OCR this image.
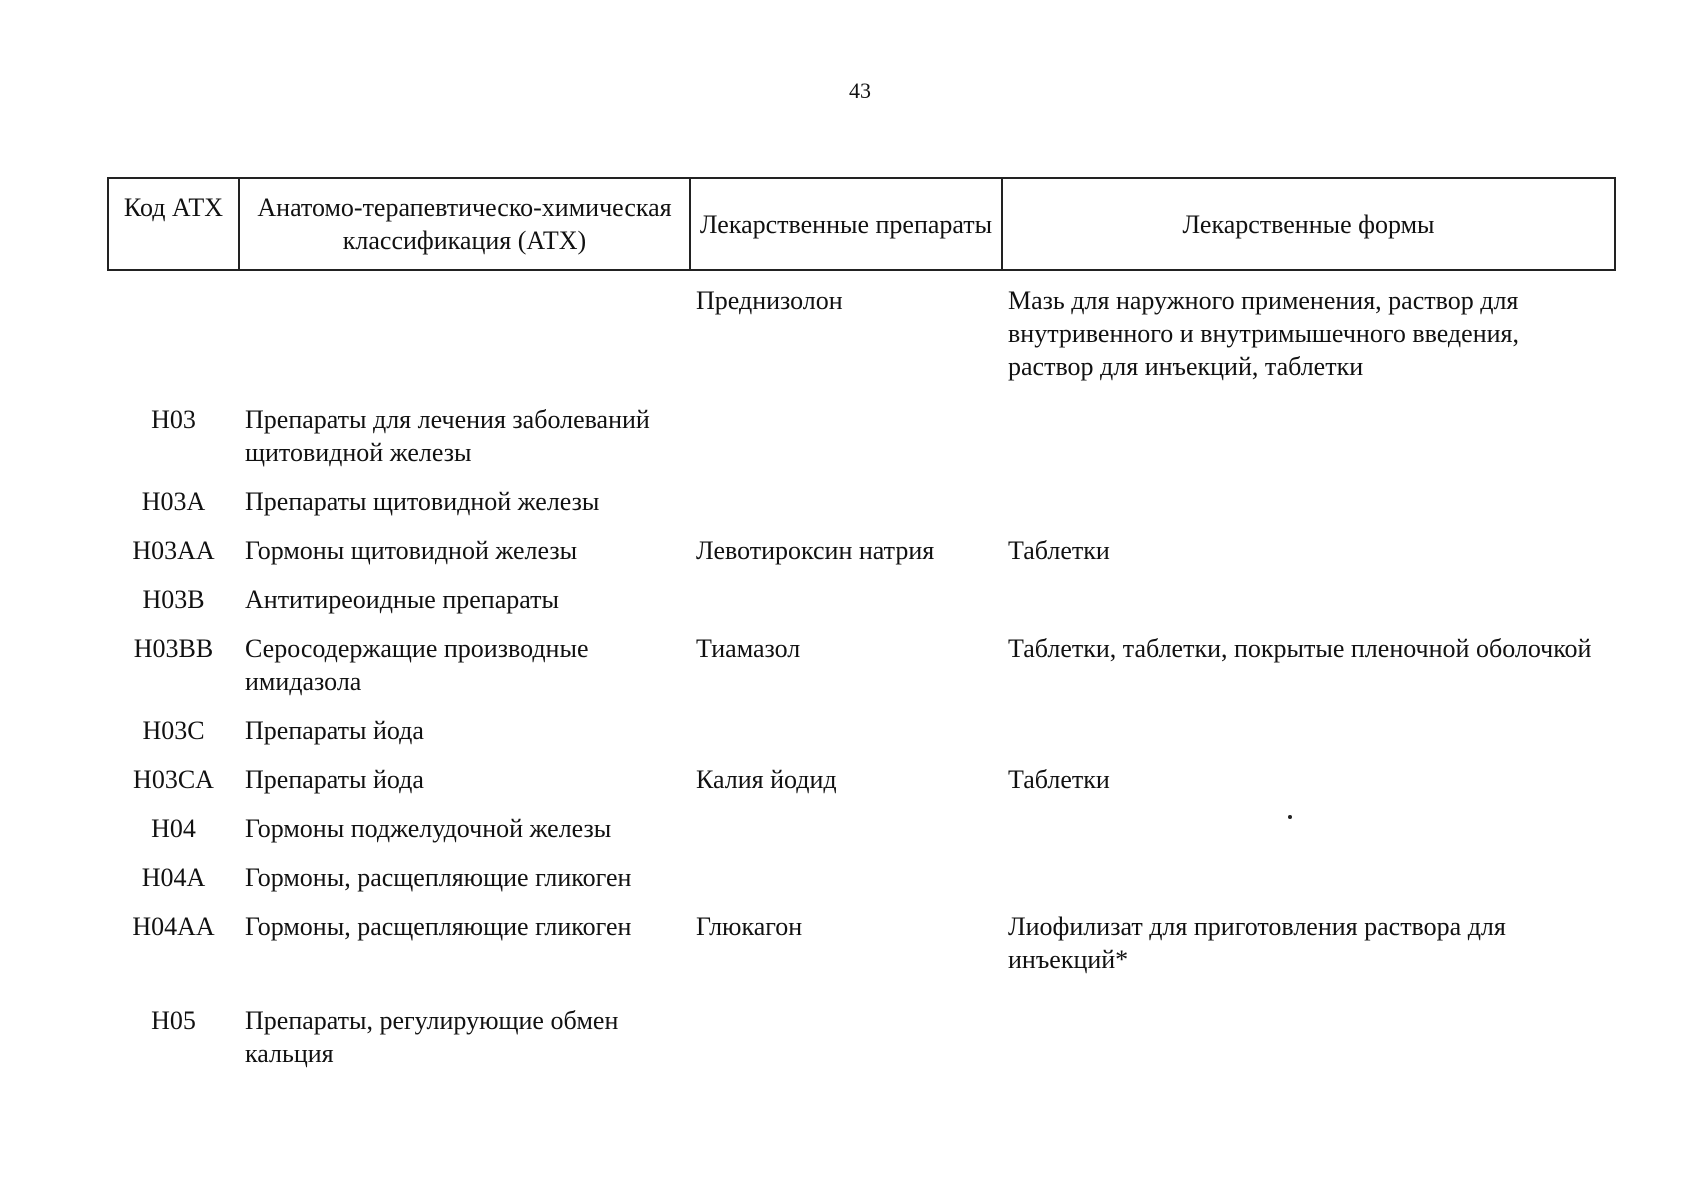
43
Код АТХ	Анатомо-терапевтическо-химическая классификация (АТХ)	Лекарственные препараты	Лекарственные формы
		Преднизолон	Мазь для наружного применения, раствор для внутривенного и внутримышечного введения, раствор для инъекций, таблетки
H03	Препараты для лечения заболеваний щитовидной железы		
H03A	Препараты щитовидной железы		
H03AA	Гормоны щитовидной железы	Левотироксин натрия	Таблетки
H03B	Антитиреоидные препараты		
H03BB	Серосодержащие производные имидазола	Тиамазол	Таблетки, таблетки, покрытые пленочной оболочкой
H03C	Препараты йода		
H03CA	Препараты йода	Калия йодид	Таблетки
H04	Гормоны поджелудочной железы		
H04A	Гормоны, расщепляющие гликоген		
H04AA	Гормоны, расщепляющие гликоген	Глюкагон	Лиофилизат для приготовления раствора для инъекций*
H05	Препараты, регулирующие обмен кальция		
